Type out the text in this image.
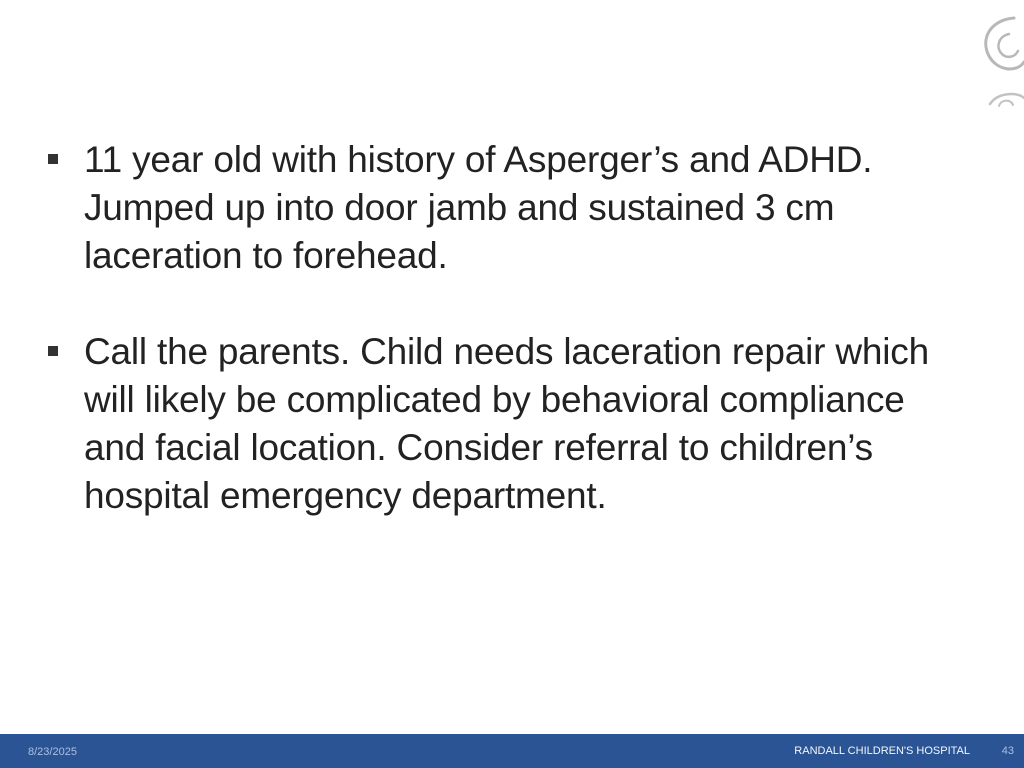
11 year old with history of Asperger’s and ADHD. Jumped up into door jamb and sustained 3 cm laceration to forehead.
Call the parents. Child needs laceration repair which will likely be complicated by behavioral compliance and facial location. Consider referral to children’s hospital emergency department.
8/23/2025	RANDALL CHILDREN'S HOSPITAL	43
